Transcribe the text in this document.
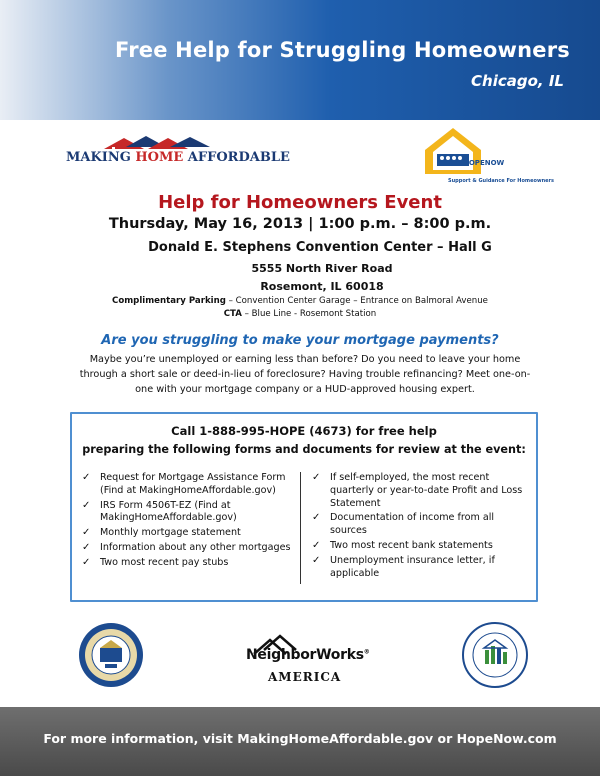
Free Help for Struggling Homeowners
Chicago, IL
MAKING HOME AFFORDABLE	HOPENOW
Support & Guidance For Homeowners
Help for Homeowners Event
Thursday, May 16, 2013 | 1:00 p.m. – 8:00 p.m.
Donald E. Stephens Convention Center – Hall G
5555 North River Road
Rosemont, IL 60018
Complimentary Parking – Convention Center Garage – Entrance on Balmoral Avenue
CTA – Blue Line - Rosemont Station
Are you struggling to make your mortgage payments?
Maybe you’re unemployed or earning less than before? Do you need to leave your home through a short sale or deed-in-lieu of foreclosure? Having trouble refinancing? Meet one-on-one with your mortgage company or a HUD-approved housing expert.
Call 1-888-995-HOPE (4673) for free help
preparing the following forms and documents for review at the event:
✓ Request for Mortgage Assistance Form (Find at MakingHomeAffordable.gov)
✓ IRS Form 4506T-EZ (Find at MakingHomeAffordable.gov)
✓ Monthly mortgage statement
✓ Information about any other mortgages
✓ Two most recent pay stubs
✓ If self-employed, the most recent quarterly or year-to-date Profit and Loss Statement
✓ Documentation of income from all sources
✓ Two most recent bank statements
✓ Unemployment insurance letter, if applicable
NeighborWorks®
AMERICA
For more information, visit MakingHomeAffordable.gov or HopeNow.com
